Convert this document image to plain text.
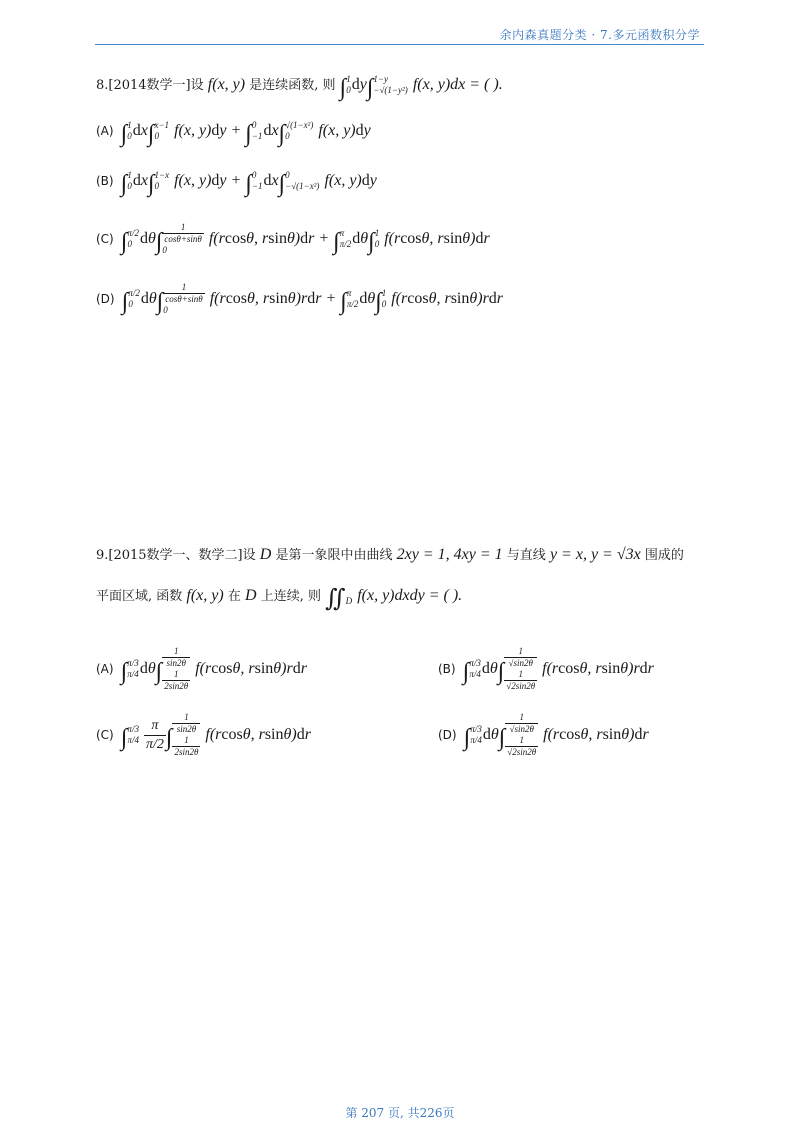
余内森真题分类 · 7.多元函数积分学
8.[2014数学一]设 f(x, y) 是连续函数, 则 ∫ 1
0 dy∫ 1−y
−√(1−y²) f(x, y)dx = ( ).
(A) ∫ 1
0 dx∫ x−1
0 f(x, y)dy + ∫ 0
−1 dx∫ √(1−x²)
0	f(x, y)dy
(B) ∫ 1
0 dx∫ 1−x
0 f(x, y)dy + ∫ 0
−1 dx∫ 0
−√(1−x²) f(x, y)dy
(C) ∫ π/2
0 dθ∫
1
cosθ+sinθ
0
f(rcosθ, rsinθ)dr + ∫ π
π/2 dθ∫ 1
0 f(rcosθ, rsinθ)dr
(D) ∫ π/2
0 dθ∫
1
cosθ+sinθ
0
f(rcosθ, rsinθ)rdr + ∫ π
π/2 dθ∫ 1
0 f(rcosθ, rsinθ)rdr
9.[2015数学一、数学二]设 D 是第一象限中由曲线 2xy = 1, 4xy = 1 与直线 y = x, y = √3x 围成的
平面区域, 函数 f(x, y) 在 D 上连续, 则 ∬
D f(x, y)dxdy = ( ).
(A) ∫ π/3
π/4 dθ∫
1
sin2θ
1
2sin2θ
f(rcosθ, rsinθ)rdr	(B) ∫ π/3
π/4 dθ∫
1
√sin2θ
1
√2sin2θ
f(rcosθ, rsinθ)rdr
(C) ∫ π/3
π/4
$\frac{\pi}{\pi/2}$ ∫
1
sin2θ
1
2sin2θ
f(rcosθ, rsinθ)dr	(D) ∫ π/3
π/4 dθ∫
1
√sin2θ
1
√2sin2θ
f(rcosθ, rsinθ)dr
第 207 页, 共226页
